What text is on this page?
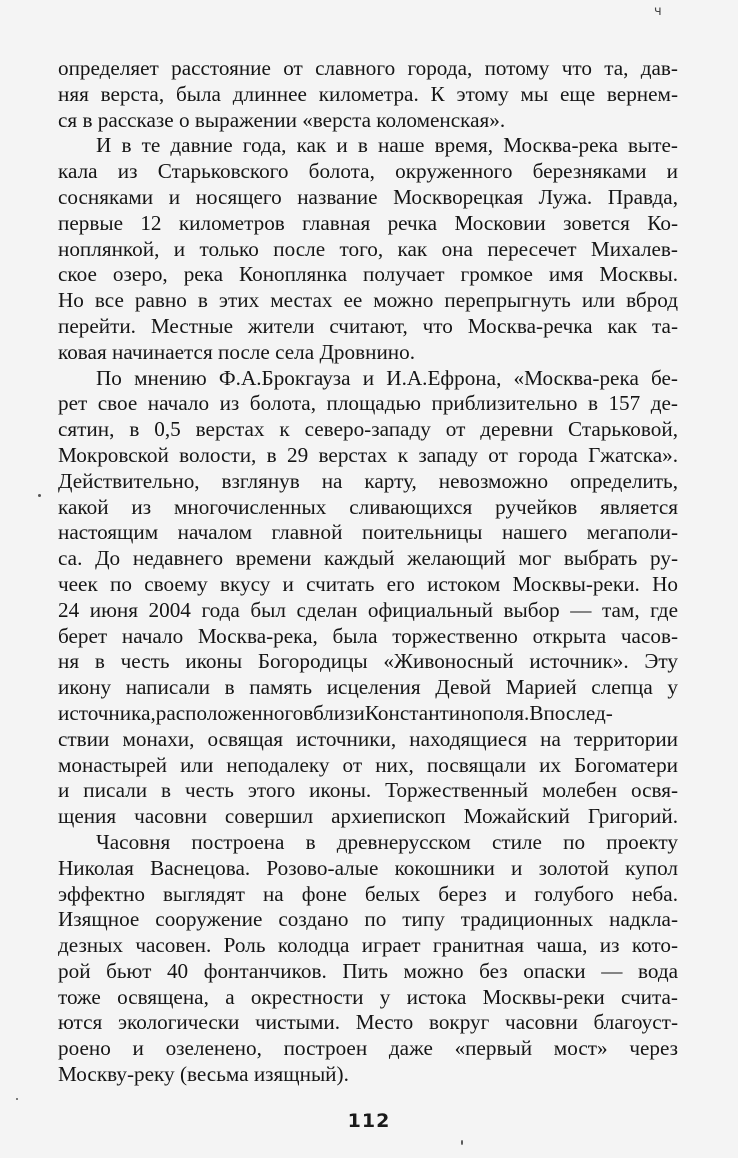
ч
определяет расстояние от славного города, потому что та, дав-
няя верста, была длиннее километра. К этому мы еще вернем-
ся в рассказе о выражении «верста коломенская».
И в те давние года, как и в наше время, Москва-река выте-
кала из Старьковского болота, окруженного березняками и
сосняками и носящего название Москворецкая Лужа. Правда,
первые 12 километров главная речка Московии зовется Ко-
ноплянкой, и только после того, как она пересечет Михалев-
ское озеро, река Коноплянка получает громкое имя Москвы.
Но все равно в этих местах ее можно перепрыгнуть или вброд
перейти. Местные жители считают, что Москва-речка как та-
ковая начинается после села Дровнино.
По мнению Ф.А.Брокгауза и И.А.Ефрона, «Москва-река бе-
рет свое начало из болота, площадью приблизительно в 157 де-
сятин, в 0,5 верстах к северо-западу от деревни Старьковой,
Мокровской волости, в 29 верстах к западу от города Гжатска».
Действительно, взглянув на карту, невозможно определить,
какой из многочисленных сливающихся ручейков является
настоящим началом главной поительницы нашего мегаполи-
са. До недавнего времени каждый желающий мог выбрать ру-
чеек по своему вкусу и считать его истоком Москвы-реки. Но
24 июня 2004 года был сделан официальный выбор — там, где
берет начало Москва-река, была торжественно открыта часов-
ня в честь иконы Богородицы «Живоносный источник». Эту
икону написали в память исцеления Девой Марией слепца у
источника,расположенноговблизиКонстантинополя.Впослед-
ствии монахи, освящая источники, находящиеся на территории
монастырей или неподалеку от них, посвящали их Богоматери
и писали в честь этого иконы. Торжественный молебен освя-
щения часовни совершил архиепископ Можайский Григорий.
Часовня построена в древнерусском стиле по проекту
Николая Васнецова. Розово-алые кокошники и золотой купол
эффектно выглядят на фоне белых берез и голубого неба.
Изящное сооружение создано по типу традиционных надкла-
дезных часовен. Роль колодца играет гранитная чаша, из кото-
рой бьют 40 фонтанчиков. Пить можно без опаски — вода
тоже освящена, а окрестности у истока Москвы-реки счита-
ются экологически чистыми. Место вокруг часовни благоуст-
роено и озеленено, построен даже «первый мост» через
Москву-реку (весьма изящный).
112
